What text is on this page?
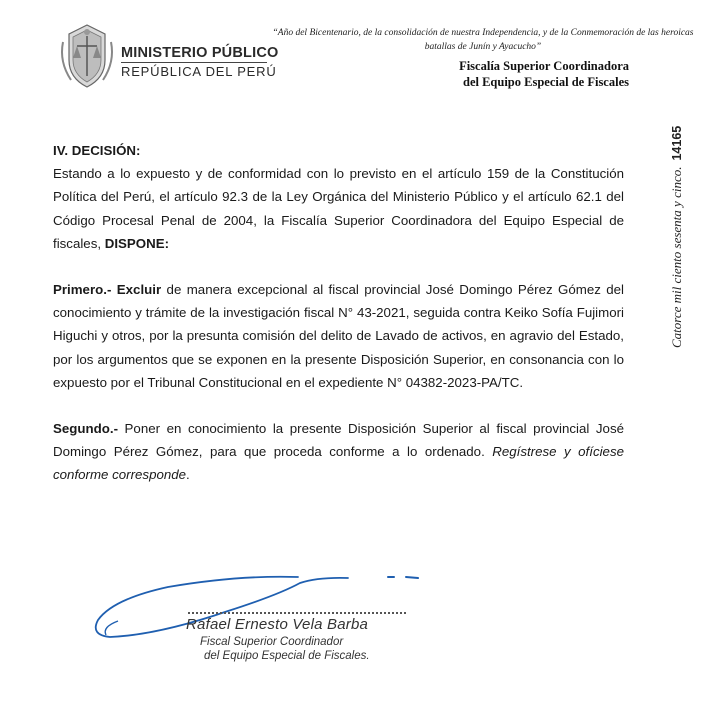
MINISTERIO PÚBLICO
REPÚBLICA DEL PERÚ
“Año del Bicentenario, de la consolidación de nuestra Independencia, y de la Conmemoración de las heroicas
batallas de Junín y Ayacucho”
Fiscalía Superior Coordinadora
del Equipo Especial de Fiscales
Catorce mil ciento sesenta y cinco.14165

IV. DECISIÓN:

Estando a lo expuesto y de conformidad con lo previsto en el artículo 159 de la Constitución Política del Perú, el artículo 92.3 de la Ley Orgánica del Ministerio Público y el artículo 62.1 del Código Procesal Penal de 2004, la Fiscalía Superior Coordinadora del Equipo Especial de fiscales, DISPONE:

Primero.- Excluir de manera excepcional al fiscal provincial José Domingo Pérez Gómez del conocimiento y trámite de la investigación fiscal N° 43-2021, seguida contra Keiko Sofía Fujimori Higuchi y otros, por la presunta comisión del delito de Lavado de activos, en agravio del Estado, por los argumentos que se exponen en la presente Disposición Superior, en consonancia con lo expuesto por el Tribunal Constitucional en el expediente N° 04382-2023-PA/TC.

Segundo.- Poner en conocimiento la presente Disposición Superior al fiscal provincial José Domingo Pérez Gómez, para que proceda conforme a lo ordenado. Regístrese y ofíciese conforme corresponde.

Rafael Ernesto Vela Barba
Fiscal Superior Coordinador
del Equipo Especial de Fiscales.
